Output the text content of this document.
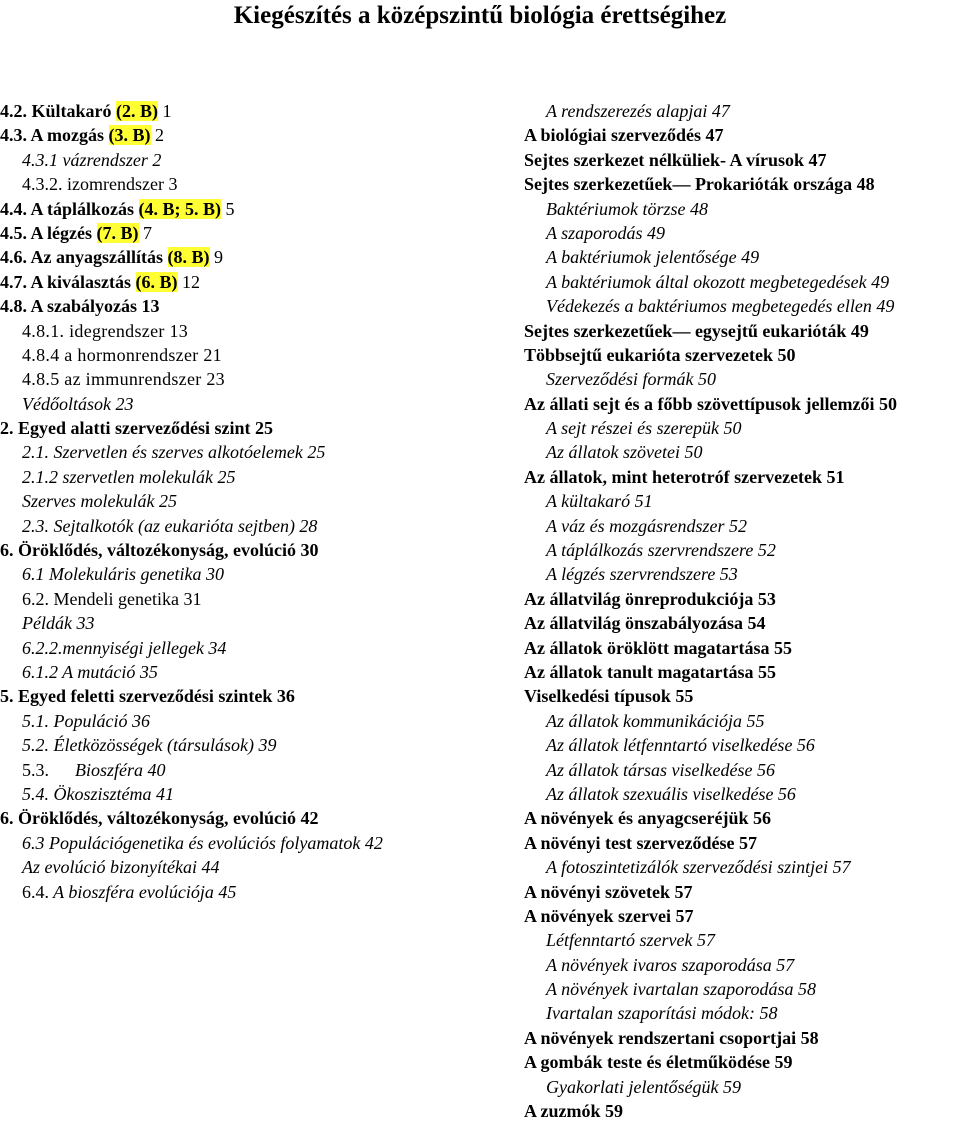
Kiegészítés a középszintű biológia érettségihez
4.2. Kültakaró (2. B) 1
4.3. A mozgás (3. B) 2
4.3.1 vázrendszer 2
4.3.2. izomrendszer 3
4.4. A táplálkozás (4. B; 5. B) 5
4.5. A légzés (7. B) 7
4.6. Az anyagszállítás (8. B) 9
4.7. A kiválasztás (6. B) 12
4.8. A szabályozás 13
4.8.1. idegrendszer 13
4.8.4 a hormonrendszer 21
4.8.5 az immunrendszer 23
Védőoltások 23
2. Egyed alatti szerveződési szint 25
2.1. Szervetlen és szerves alkotóelemek 25
2.1.2 szervetlen molekulák 25
Szerves molekulák 25
2.3. Sejtalkotók (az eukarióta sejtben) 28
6. Öröklődés, változékonyság, evolúció 30
6.1 Molekuláris genetika 30
6.2. Mendeli genetika 31
Példák 33
6.2.2.mennyiségi jellegek 34
6.1.2 A mutáció 35
5. Egyed feletti szerveződési szintek 36
5.1. Populáció 36
5.2. Életközösségek (társulások) 39
5.3. Bioszféra 40
5.4. Ökoszisztéma 41
6. Öröklődés, változékonyság, evolúció 42
6.3 Populációgenetika és evolúciós folyamatok 42
Az evolúció bizonyítékai 44
6.4. A bioszféra evolúciója 45
A rendszerezés alapjai 47
A biológiai szerveződés 47
Sejtes szerkezet nélküliek- A vírusok 47
Sejtes szerkezetűek— Prokarióták országa 48
Baktériumok törzse 48
A szaporodás 49
A baktériumok jelentősége 49
A baktériumok által okozott megbetegedések 49
Védekezés a baktériumos megbetegedés ellen 49
Sejtes szerkezetűek— egysejtű eukarióták 49
Többsejtű eukarióta szervezetek 50
Szerveződési formák 50
Az állati sejt és a főbb szövettípusok jellemzői 50
A sejt részei és szerepük 50
Az állatok szövetei 50
Az állatok, mint heterotróf szervezetek 51
A kültakaró 51
A váz és mozgásrendszer 52
A táplálkozás szervrendszere 52
A légzés szervrendszere 53
Az állatvilág önreprodukciója 53
Az állatvilág önszabályozása 54
Az állatok öröklött magatartása 55
Az állatok tanult magatartása 55
Viselkedési típusok 55
Az állatok kommunikációja 55
Az állatok létfenntartó viselkedése 56
Az állatok társas viselkedése 56
Az állatok szexuális viselkedése 56
A növények és anyagcseréjük 56
A növényi test szerveződése 57
A fotoszintetizálók szerveződési szintjei 57
A növényi szövetek 57
A növények szervei 57
Létfenntartó szervek 57
A növények ivaros szaporodása 57
A növények ivartalan szaporodása 58
Ivartalan szaporítási módok: 58
A növények rendszertani csoportjai 58
A gombák teste és életműködése 59
Gyakorlati jelentőségük 59
A zuzmók 59
